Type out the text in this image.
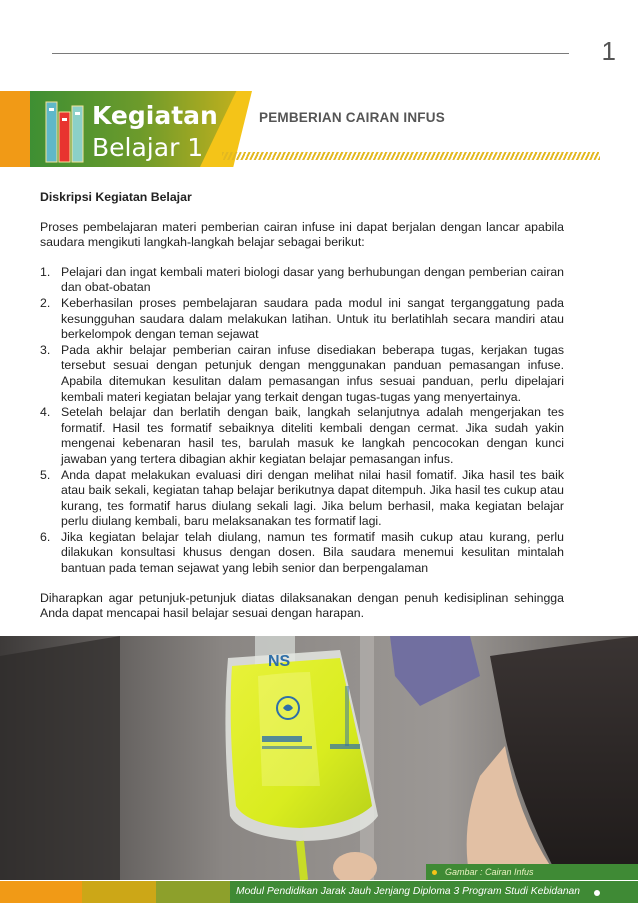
1
Kegiatan
Belajar 1
PEMBERIAN CAIRAN INFUS

Diskripsi Kegiatan Belajar

Proses pembelajaran materi pemberian cairan infuse ini dapat berjalan dengan lancar apabila saudara mengikuti langkah-langkah belajar sebagai berikut:

1. Pelajari dan ingat kembali materi biologi dasar yang berhubungan dengan pemberian cairan dan obat-obatan
2. Keberhasilan proses pembelajaran saudara pada modul ini sangat terganggatung pada kesungguhan saudara dalam melakukan latihan. Untuk itu berlatihlah secara mandiri atau berkelompok dengan teman sejawat
3. Pada akhir belajar pemberian cairan infuse disediakan beberapa tugas, kerjakan tugas tersebut sesuai dengan petunjuk dengan menggunakan panduan pemasangan infuse. Apabila ditemukan kesulitan dalam pemasangan infus sesuai panduan, perlu dipelajari kembali materi kegiatan belajar yang terkait dengan tugas-tugas yang menyertainya.
4. Setelah belajar dan berlatih dengan baik, langkah selanjutnya adalah mengerjakan tes formatif. Hasil tes formatif sebaiknya diteliti kembali dengan cermat. Jika sudah yakin mengenai kebenaran hasil tes, barulah masuk ke langkah pencocokan dengan kunci jawaban yang tertera dibagian akhir kegiatan belajar pemasangan infus.
5. Anda dapat melakukan evaluasi diri dengan melihat nilai hasil fomatif. Jika hasil tes baik atau baik sekali, kegiatan tahap belajar berikutnya dapat ditempuh. Jika hasil tes cukup atau kurang, tes formatif harus diulang sekali lagi. Jika belum berhasil, maka kegiatan belajar perlu diulang kembali, baru melaksanakan tes formatif lagi.
6. Jika kegiatan belajar telah diulang, namun tes formatif masih cukup atau kurang, perlu dilakukan konsultasi khusus dengan dosen. Bila saudara menemui kesulitan mintalah bantuan pada teman sejawat yang lebih senior dan berpengalaman

Diharapkan agar petunjuk-petunjuk diatas dilaksanakan dengan penuh kedisiplinan sehingga Anda dapat mencapai hasil belajar sesuai dengan harapan.

NS
Gambar : Cairan Infus
Modul Pendidikan Jarak Jauh Jenjang Diploma 3 Program Studi Kebidanan
